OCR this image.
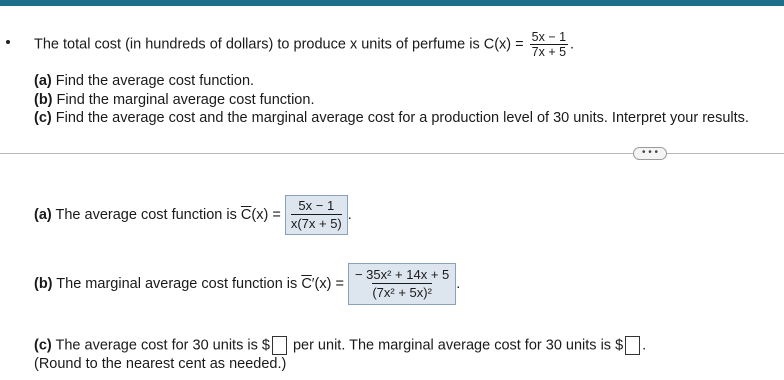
The total cost (in hundreds of dollars) to produce x units of perfume is $C(x) = \frac{5x - 1}{7x + 5}$ .
(a) Find the average cost function.
(b) Find the marginal average cost function.
(c) Find the average cost and the marginal average cost for a production level of 30 units. Interpret your results.
• • •
(a) The average cost function is $\overline{C}(x) = \frac{5x - 1}{x(7x + 5)}$ .
(b) The marginal average cost function is $\overline{C}'(x) = \frac{\text{− 35x² + 14x + 5}}{\text{(7x² + 5x)²}}$ .
(c) The average cost for 30 units is $ per unit. The marginal average cost for 30 units is $ .
(Round to the nearest cent as needed.)
